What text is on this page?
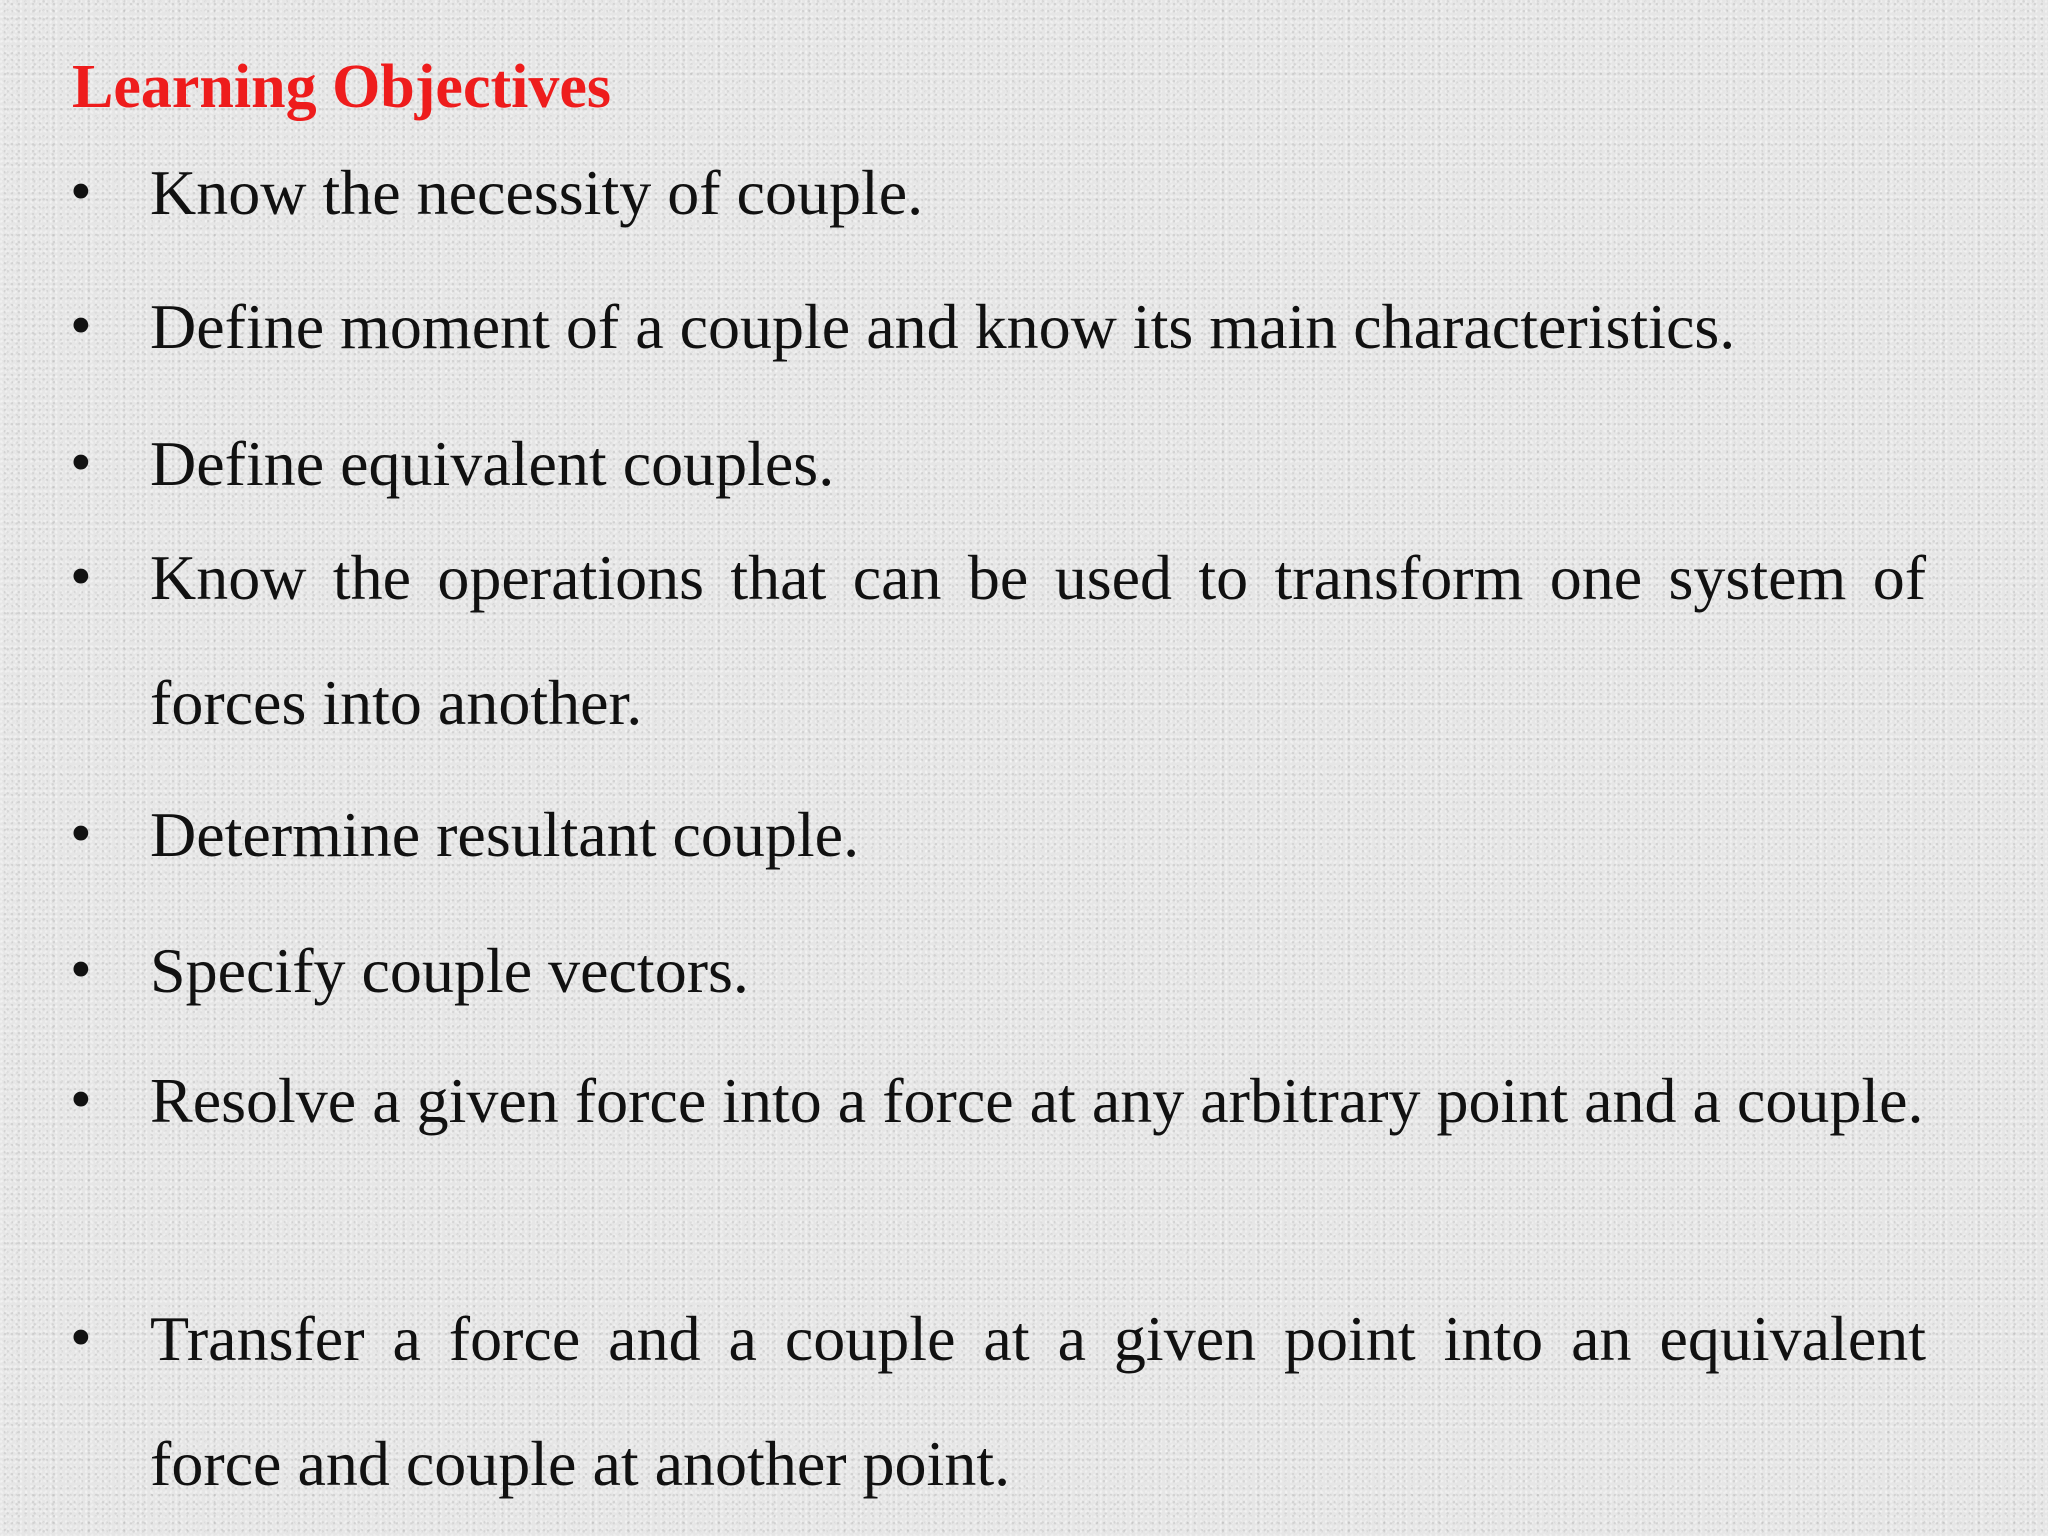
Learning Objectives
• Know the necessity of couple.
• Define moment of a couple and know its main characteristics.
• Define equivalent couples.
• Know the operations that can be used to transform one system of forces into another.
• Determine resultant couple.
• Specify couple vectors.
• Resolve a given force into a force at any arbitrary point and a couple.
• Transfer a force and a couple at a given point into an equivalent force and couple at another point.
